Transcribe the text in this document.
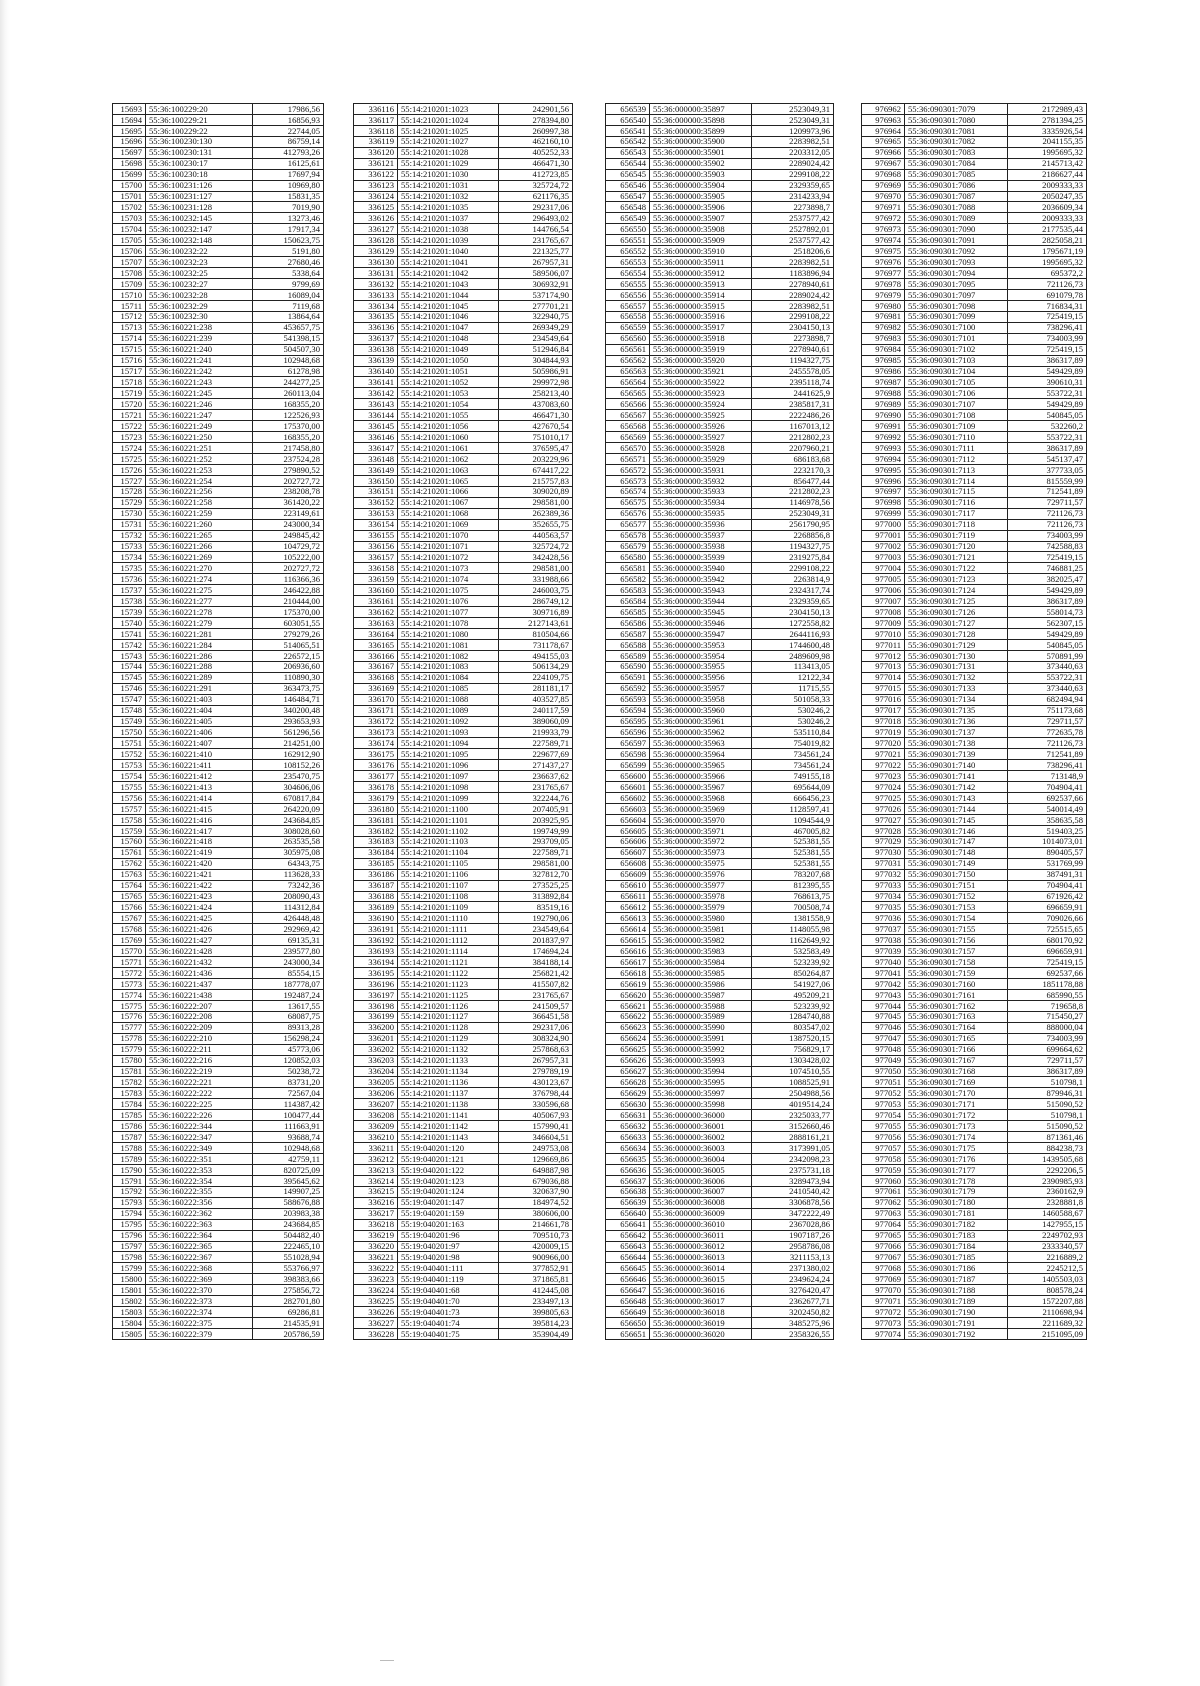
15693	55:36:100229:20	17986,56
15694	55:36:100229:21	16856,93
15695	55:36:100229:22	22744,05
15696	55:36:100230:130	86759,14
15697	55:36:100230:131	412793,26
15698	55:36:100230:17	16125,61
15699	55:36:100230:18	17697,94
15700	55:36:100231:126	10969,80
15701	55:36:100231:127	15831,35
15702	55:36:100231:128	7019,90
15703	55:36:100232:145	13273,46
15704	55:36:100232:147	17917,34
15705	55:36:100232:148	150623,75
15706	55:36:100232:22	5191,80
15707	55:36:100232:23	27680,46
15708	55:36:100232:25	5338,64
15709	55:36:100232:27	9799,69
15710	55:36:100232:28	16089,04
15711	55:36:100232:29	7119,68
15712	55:36:100232:30	13864,64
15713	55:36:160221:238	453657,75
15714	55:36:160221:239	541398,15
15715	55:36:160221:240	504507,30
15716	55:36:160221:241	102948,68
15717	55:36:160221:242	61278,98
15718	55:36:160221:243	244277,25
15719	55:36:160221:245	260113,04
15720	55:36:160221:246	168355,20
15721	55:36:160221:247	122526,93
15722	55:36:160221:249	175370,00
15723	55:36:160221:250	168355,20
15724	55:36:160221:251	217458,80
15725	55:36:160221:252	237524,28
15726	55:36:160221:253	279890,52
15727	55:36:160221:254	202727,72
15728	55:36:160221:256	238208,78
15729	55:36:160221:258	361420,22
15730	55:36:160221:259	223149,61
15731	55:36:160221:260	243000,34
15732	55:36:160221:265	249845,42
15733	55:36:160221:266	104729,72
15734	55:36:160221:269	105222,00
15735	55:36:160221:270	202727,72
15736	55:36:160221:274	116366,36
15737	55:36:160221:275	246422,88
15738	55:36:160221:277	210444,00
15739	55:36:160221:278	175370,00
15740	55:36:160221:279	603051,55
15741	55:36:160221:281	279279,26
15742	55:36:160221:284	514065,51
15743	55:36:160221:286	226572,15
15744	55:36:160221:288	206936,60
15745	55:36:160221:289	110890,30
15746	55:36:160221:291	363473,75
15747	55:36:160221:403	146484,71
15748	55:36:160221:404	340200,48
15749	55:36:160221:405	293653,93
15750	55:36:160221:406	561296,56
15751	55:36:160221:407	214251,00
15752	55:36:160221:410	162912,90
15753	55:36:160221:411	108152,26
15754	55:36:160221:412	235470,75
15755	55:36:160221:413	304606,06
15756	55:36:160221:414	670817,84
15757	55:36:160221:415	264220,09
15758	55:36:160221:416	243684,85
15759	55:36:160221:417	308028,60
15760	55:36:160221:418	263535,58
15761	55:36:160221:419	305975,08
15762	55:36:160221:420	64343,75
15763	55:36:160221:421	113628,33
15764	55:36:160221:422	73242,36
15765	55:36:160221:423	208090,43
15766	55:36:160221:424	114312,84
15767	55:36:160221:425	426448,48
15768	55:36:160221:426	292969,42
15769	55:36:160221:427	69135,31
15770	55:36:160221:428	239577,80
15771	55:36:160221:432	243000,34
15772	55:36:160221:436	85554,15
15773	55:36:160221:437	187778,07
15774	55:36:160221:438	192487,24
15775	55:36:160222:207	13617,55
15776	55:36:160222:208	68087,75
15777	55:36:160222:209	89313,28
15778	55:36:160222:210	156298,24
15779	55:36:160222:211	45773,06
15780	55:36:160222:216	120852,03
15781	55:36:160222:219	50238,72
15782	55:36:160222:221	83731,20
15783	55:36:160222:222	72567,04
15784	55:36:160222:225	114387,42
15785	55:36:160222:226	100477,44
15786	55:36:160222:344	111663,91
15787	55:36:160222:347	93688,74
15788	55:36:160222:349	102948,68
15789	55:36:160222:351	42759,11
15790	55:36:160222:353	820725,09
15791	55:36:160222:354	395645,62
15792	55:36:160222:355	149907,25
15793	55:36:160222:356	588676,88
15794	55:36:160222:362	203983,38
15795	55:36:160222:363	243684,85
15796	55:36:160222:364	504482,40
15797	55:36:160222:365	222465,10
15798	55:36:160222:367	551028,94
15799	55:36:160222:368	553766,97
15800	55:36:160222:369	398383,66
15801	55:36:160222:370	275856,72
15802	55:36:160222:373	282701,80
15803	55:36:160222:374	69286,81
15804	55:36:160222:375	214535,91
15805	55:36:160222:379	205786,59
336116	55:14:210201:1023	242901,56
336117	55:14:210201:1024	278394,80
336118	55:14:210201:1025	260997,38
336119	55:14:210201:1027	462160,10
336120	55:14:210201:1028	405252,33
336121	55:14:210201:1029	466471,30
336122	55:14:210201:1030	412723,85
336123	55:14:210201:1031	325724,72
336124	55:14:210201:1032	621176,35
336125	55:14:210201:1035	292317,06
336126	55:14:210201:1037	296493,02
336127	55:14:210201:1038	144766,54
336128	55:14:210201:1039	231765,67
336129	55:14:210201:1040	221325,77
336130	55:14:210201:1041	267957,31
336131	55:14:210201:1042	589506,07
336132	55:14:210201:1043	306932,91
336133	55:14:210201:1044	537174,90
336134	55:14:210201:1045	277701,21
336135	55:14:210201:1046	322940,75
336136	55:14:210201:1047	269349,29
336137	55:14:210201:1048	234549,64
336138	55:14:210201:1049	512946,84
336139	55:14:210201:1050	304844,93
336140	55:14:210201:1051	505986,91
336141	55:14:210201:1052	299972,98
336142	55:14:210201:1053	258213,40
336143	55:14:210201:1054	437083,60
336144	55:14:210201:1055	466471,30
336145	55:14:210201:1056	427670,54
336146	55:14:210201:1060	751010,17
336147	55:14:210201:1061	376595,47
336148	55:14:210201:1062	203229,96
336149	55:14:210201:1063	674417,22
336150	55:14:210201:1065	215757,83
336151	55:14:210201:1066	309020,89
336152	55:14:210201:1067	298581,00
336153	55:14:210201:1068	262389,36
336154	55:14:210201:1069	352655,75
336155	55:14:210201:1070	440563,57
336156	55:14:210201:1071	325724,72
336157	55:14:210201:1072	342428,56
336158	55:14:210201:1073	298581,00
336159	55:14:210201:1074	331988,66
336160	55:14:210201:1075	246003,75
336161	55:14:210201:1076	286749,12
336162	55:14:210201:1077	309716,89
336163	55:14:210201:1078	2127143,61
336164	55:14:210201:1080	810504,66
336165	55:14:210201:1081	731178,67
336166	55:14:210201:1082	494155,03
336167	55:14:210201:1083	506134,29
336168	55:14:210201:1084	224109,75
336169	55:14:210201:1085	281181,17
336170	55:14:210201:1088	403527,85
336171	55:14:210201:1089	240117,59
336172	55:14:210201:1092	389060,09
336173	55:14:210201:1093	219933,79
336174	55:14:210201:1094	227589,71
336175	55:14:210201:1095	229677,69
336176	55:14:210201:1096	271437,27
336177	55:14:210201:1097	236637,62
336178	55:14:210201:1098	231765,67
336179	55:14:210201:1099	322244,76
336180	55:14:210201:1100	207405,91
336181	55:14:210201:1101	203925,95
336182	55:14:210201:1102	199749,99
336183	55:14:210201:1103	293709,05
336184	55:14:210201:1104	227589,71
336185	55:14:210201:1105	298581,00
336186	55:14:210201:1106	327812,70
336187	55:14:210201:1107	273525,25
336188	55:14:210201:1108	313892,84
336189	55:14:210201:1109	83519,16
336190	55:14:210201:1110	192790,06
336191	55:14:210201:1111	234549,64
336192	55:14:210201:1112	201837,97
336193	55:14:210201:1114	174694,24
336194	55:14:210201:1121	384188,14
336195	55:14:210201:1122	256821,42
336196	55:14:210201:1123	415507,82
336197	55:14:210201:1125	231765,67
336198	55:14:210201:1126	241509,57
336199	55:14:210201:1127	366451,58
336200	55:14:210201:1128	292317,06
336201	55:14:210201:1129	308324,90
336202	55:14:210201:1132	257868,63
336203	55:14:210201:1133	267957,31
336204	55:14:210201:1134	279789,19
336205	55:14:210201:1136	430123,67
336206	55:14:210201:1137	376798,44
336207	55:14:210201:1138	330596,68
336208	55:14:210201:1141	405067,93
336209	55:14:210201:1142	157990,41
336210	55:14:210201:1143	346604,51
336211	55:19:040201:120	249753,08
336212	55:19:040201:121	129669,86
336213	55:19:040201:122	649887,98
336214	55:19:040201:123	679036,88
336215	55:19:040201:124	320637,90
336216	55:19:040201:147	184974,52
336217	55:19:040201:159	380606,00
336218	55:19:040201:163	214661,78
336219	55:19:040201:96	709510,73
336220	55:19:040201:97	420009,15
336221	55:19:040201:98	900966,00
336222	55:19:040401:111	377852,91
336223	55:19:040401:119	371865,81
336224	55:19:040401:68	412445,08
336225	55:19:040401:70	233497,13
336226	55:19:040401:73	399805,63
336227	55:19:040401:74	395814,23
336228	55:19:040401:75	353904,49
656539	55:36:000000:35897	2523049,31
656540	55:36:000000:35898	2523049,31
656541	55:36:000000:35899	1209973,96
656542	55:36:000000:35900	2283982,51
656543	55:36:000000:35901	2203312,05
656544	55:36:000000:35902	2289024,42
656545	55:36:000000:35903	2299108,22
656546	55:36:000000:35904	2329359,65
656547	55:36:000000:35905	2314233,94
656548	55:36:000000:35906	2273898,7
656549	55:36:000000:35907	2537577,42
656550	55:36:000000:35908	2527892,01
656551	55:36:000000:35909	2537577,42
656552	55:36:000000:35910	2518206,6
656553	55:36:000000:35911	2283982,51
656554	55:36:000000:35912	1183896,94
656555	55:36:000000:35913	2278940,61
656556	55:36:000000:35914	2289024,42
656557	55:36:000000:35915	2283982,51
656558	55:36:000000:35916	2299108,22
656559	55:36:000000:35917	2304150,13
656560	55:36:000000:35918	2273898,7
656561	55:36:000000:35919	2278940,61
656562	55:36:000000:35920	1194327,75
656563	55:36:000000:35921	2455578,05
656564	55:36:000000:35922	2395118,74
656565	55:36:000000:35923	2441625,9
656566	55:36:000000:35924	2385817,31
656567	55:36:000000:35925	2222486,26
656568	55:36:000000:35926	1167013,12
656569	55:36:000000:35927	2212802,23
656570	55:36:000000:35928	2207960,21
656571	55:36:000000:35929	686183,68
656572	55:36:000000:35931	2232170,3
656573	55:36:000000:35932	856477,44
656574	55:36:000000:35933	2212802,23
656575	55:36:000000:35934	1146978,56
656576	55:36:000000:35935	2523049,31
656577	55:36:000000:35936	2561790,95
656578	55:36:000000:35937	2268856,8
656579	55:36:000000:35938	1194327,75
656580	55:36:000000:35939	2319275,84
656581	55:36:000000:35940	2299108,22
656582	55:36:000000:35942	2263814,9
656583	55:36:000000:35943	2324317,74
656584	55:36:000000:35944	2329359,65
656585	55:36:000000:35945	2304150,13
656586	55:36:000000:35946	1272558,82
656587	55:36:000000:35947	2644116,93
656588	55:36:000000:35953	1744600,48
656589	55:36:000000:35954	2489609,98
656590	55:36:000000:35955	113413,05
656591	55:36:000000:35956	12122,34
656592	55:36:000000:35957	11715,55
656593	55:36:000000:35958	501058,33
656594	55:36:000000:35960	530246,2
656595	55:36:000000:35961	530246,2
656596	55:36:000000:35962	535110,84
656597	55:36:000000:35963	754019,82
656598	55:36:000000:35964	734561,24
656599	55:36:000000:35965	734561,24
656600	55:36:000000:35966	749155,18
656601	55:36:000000:35967	695644,09
656602	55:36:000000:35968	666456,23
656603	55:36:000000:35969	1128597,41
656604	55:36:000000:35970	1094544,9
656605	55:36:000000:35971	467005,82
656606	55:36:000000:35972	525381,55
656607	55:36:000000:35973	525381,55
656608	55:36:000000:35975	525381,55
656609	55:36:000000:35976	783207,68
656610	55:36:000000:35977	812395,55
656611	55:36:000000:35978	768613,75
656612	55:36:000000:35979	700508,74
656613	55:36:000000:35980	1381558,9
656614	55:36:000000:35981	1148055,98
656615	55:36:000000:35982	1162649,92
656616	55:36:000000:35983	532583,49
656617	55:36:000000:35984	523239,92
656618	55:36:000000:35985	850264,87
656619	55:36:000000:35986	541927,06
656620	55:36:000000:35987	495209,21
656621	55:36:000000:35988	523239,92
656622	55:36:000000:35989	1284740,88
656623	55:36:000000:35990	803547,02
656624	55:36:000000:35991	1387520,15
656625	55:36:000000:35992	756829,17
656626	55:36:000000:35993	1303428,02
656627	55:36:000000:35994	1074510,55
656628	55:36:000000:35995	1088525,91
656629	55:36:000000:35997	2504988,56
656630	55:36:000000:35998	4019514,24
656631	55:36:000000:36000	2325033,77
656632	55:36:000000:36001	3152660,46
656633	55:36:000000:36002	2888161,21
656634	55:36:000000:36003	3173991,05
656635	55:36:000000:36004	2342098,23
656636	55:36:000000:36005	2375731,18
656637	55:36:000000:36006	3289473,94
656638	55:36:000000:36007	2410540,42
656639	55:36:000000:36008	3306878,56
656640	55:36:000000:36009	3472222,49
656641	55:36:000000:36010	2367028,86
656642	55:36:000000:36011	1907187,26
656643	55:36:000000:36012	2958786,08
656644	55:36:000000:36013	3211153,13
656645	55:36:000000:36014	2371380,02
656646	55:36:000000:36015	2349624,24
656647	55:36:000000:36016	3276420,47
656648	55:36:000000:36017	2362677,71
656649	55:36:000000:36018	3202450,82
656650	55:36:000000:36019	3485275,96
656651	55:36:000000:36020	2358326,55
976962	55:36:090301:7079	2172989,43
976963	55:36:090301:7080	2781394,25
976964	55:36:090301:7081	3335926,54
976965	55:36:090301:7082	2041155,35
976966	55:36:090301:7083	1995695,32
976967	55:36:090301:7084	2145713,42
976968	55:36:090301:7085	2186627,44
976969	55:36:090301:7086	2009333,33
976970	55:36:090301:7087	2050247,35
976971	55:36:090301:7088	2036609,34
976972	55:36:090301:7089	2009333,33
976973	55:36:090301:7090	2177535,44
976974	55:36:090301:7091	2825058,21
976975	55:36:090301:7092	1795671,19
976976	55:36:090301:7093	1995695,32
976977	55:36:090301:7094	695372,2
976978	55:36:090301:7095	721126,73
976979	55:36:090301:7097	691079,78
976980	55:36:090301:7098	716834,31
976981	55:36:090301:7099	725419,15
976982	55:36:090301:7100	738296,41
976983	55:36:090301:7101	734003,99
976984	55:36:090301:7102	725419,15
976985	55:36:090301:7103	386317,89
976986	55:36:090301:7104	549429,89
976987	55:36:090301:7105	390610,31
976988	55:36:090301:7106	553722,31
976989	55:36:090301:7107	549429,89
976990	55:36:090301:7108	540845,05
976991	55:36:090301:7109	532260,2
976992	55:36:090301:7110	553722,31
976993	55:36:090301:7111	386317,89
976994	55:36:090301:7112	545137,47
976995	55:36:090301:7113	377733,05
976996	55:36:090301:7114	815559,99
976997	55:36:090301:7115	712541,89
976998	55:36:090301:7116	729711,57
976999	55:36:090301:7117	721126,73
977000	55:36:090301:7118	721126,73
977001	55:36:090301:7119	734003,99
977002	55:36:090301:7120	742588,83
977003	55:36:090301:7121	725419,15
977004	55:36:090301:7122	746881,25
977005	55:36:090301:7123	382025,47
977006	55:36:090301:7124	549429,89
977007	55:36:090301:7125	386317,89
977008	55:36:090301:7126	558014,73
977009	55:36:090301:7127	562307,15
977010	55:36:090301:7128	549429,89
977011	55:36:090301:7129	540845,05
977012	55:36:090301:7130	570891,99
977013	55:36:090301:7131	373440,63
977014	55:36:090301:7132	553722,31
977015	55:36:090301:7133	373440,63
977016	55:36:090301:7134	682494,94
977017	55:36:090301:7135	751173,68
977018	55:36:090301:7136	729711,57
977019	55:36:090301:7137	772635,78
977020	55:36:090301:7138	721126,73
977021	55:36:090301:7139	712541,89
977022	55:36:090301:7140	738296,41
977023	55:36:090301:7141	713148,9
977024	55:36:090301:7142	704904,41
977025	55:36:090301:7143	692537,66
977026	55:36:090301:7144	540014,49
977027	55:36:090301:7145	358635,58
977028	55:36:090301:7146	519403,25
977029	55:36:090301:7147	1014073,01
977030	55:36:090301:7148	890405,57
977031	55:36:090301:7149	531769,99
977032	55:36:090301:7150	387491,31
977033	55:36:090301:7151	704904,41
977034	55:36:090301:7152	671926,42
977035	55:36:090301:7153	696659,91
977036	55:36:090301:7154	709026,66
977037	55:36:090301:7155	725515,65
977038	55:36:090301:7156	680170,92
977039	55:36:090301:7157	696659,91
977040	55:36:090301:7158	725419,15
977041	55:36:090301:7159	692537,66
977042	55:36:090301:7160	1851178,88
977043	55:36:090301:7161	685990,55
977044	55:36:090301:7162	719658,8
977045	55:36:090301:7163	715450,27
977046	55:36:090301:7164	888000,04
977047	55:36:090301:7165	734003,99
977048	55:36:090301:7166	699664,62
977049	55:36:090301:7167	729711,57
977050	55:36:090301:7168	386317,89
977051	55:36:090301:7169	510798,1
977052	55:36:090301:7170	879946,31
977053	55:36:090301:7171	515090,52
977054	55:36:090301:7172	510798,1
977055	55:36:090301:7173	515090,52
977056	55:36:090301:7174	871361,46
977057	55:36:090301:7175	884238,73
977058	55:36:090301:7176	1439505,68
977059	55:36:090301:7177	2292206,5
977060	55:36:090301:7178	2390985,93
977061	55:36:090301:7179	2360162,9
977062	55:36:090301:7180	2328881,8
977063	55:36:090301:7181	1460588,67
977064	55:36:090301:7182	1427955,15
977065	55:36:090301:7183	2249702,93
977066	55:36:090301:7184	2333340,57
977067	55:36:090301:7185	2216889,2
977068	55:36:090301:7186	2245212,5
977069	55:36:090301:7187	1405503,03
977070	55:36:090301:7188	808578,24
977071	55:36:090301:7189	1572207,88
977072	55:36:090301:7190	2110698,94
977073	55:36:090301:7191	2211689,32
977074	55:36:090301:7192	2151095,09
